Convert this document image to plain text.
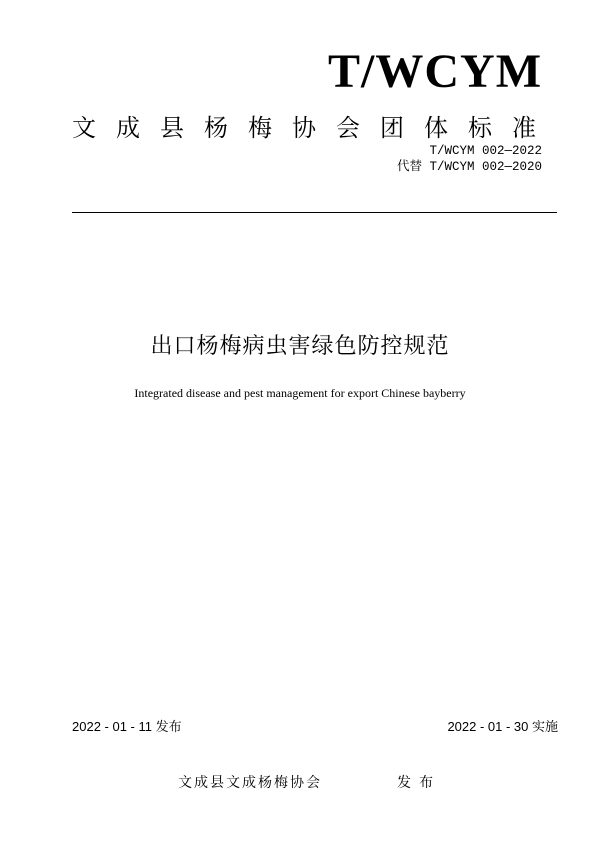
T/WCYM
文成县杨梅协会团体标准
T/WCYM 002—2022
代替 T/WCYM 002—2020
出口杨梅病虫害绿色防控规范
Integrated disease and pest management for export Chinese bayberry
2022 - 01 - 11 发布	2022 - 01 - 30 实施
文成县文成杨梅协会	发布
